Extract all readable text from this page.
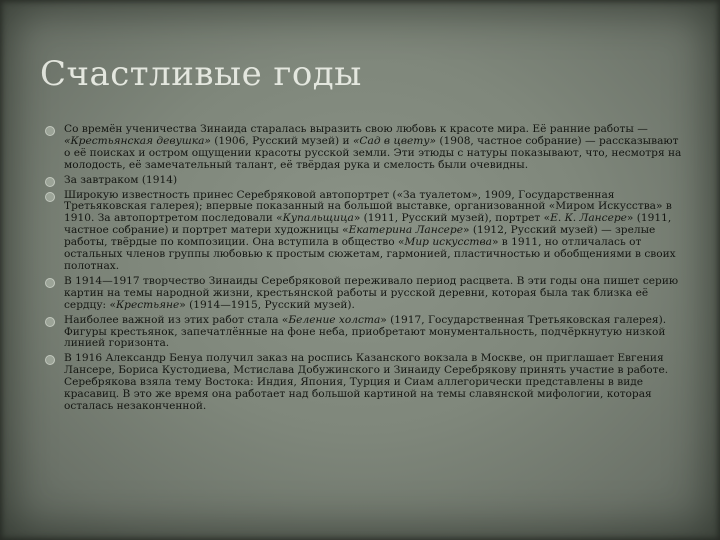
Счастливые годы
Со времён ученичества Зинаида старалась выразить свою любовь к красоте мира. Её ранние работы — «Крестьянская девушка» (1906, Русский музей) и «Сад в цвету» (1908, частное собрание) — рассказывают о её поисках и остром ощущении красоты русской земли. Эти этюды с натуры показывают, что, несмотря на молодость, её замечательный талант, её твёрдая рука и смелость были очевидны.
За завтраком (1914)
Широкую известность принес Серебряковой автопортрет («За туалетом», 1909, Государственная Третьяковская галерея); впервые показанный на большой выставке, организованной «Миром Искусства» в 1910. За автопортретом последовали «Купальщица» (1911, Русский музей), портрет «Е. К. Лансере» (1911, частное собрание) и портрет матери художницы «Екатерина Лансере» (1912, Русский музей) — зрелые работы, твёрдые по композиции. Она вступила в общество «Мир искусства» в 1911, но отличалась от остальных членов группы любовью к простым сюжетам, гармонией, пластичностью и обобщениями в своих полотнах.
В 1914—1917 творчество Зинаиды Серебряковой переживало период расцвета. В эти годы она пишет серию картин на темы народной жизни, крестьянской работы и русской деревни, которая была так близка её сердцу: «Крестьяне» (1914—1915, Русский музей).
Наиболее важной из этих работ стала «Беление холста» (1917, Государственная Третьяковская галерея). Фигуры крестьянок, запечатлённые на фоне неба, приобретают монументальность, подчёркнутую низкой линией горизонта.
В 1916 Александр Бенуа получил заказ на роспись Казанского вокзала в Москве, он приглашает Евгения Лансере, Бориса Кустодиева, Мстислава Добужинского и Зинаиду Серебрякову принять участие в работе. Серебрякова взяла тему Востока: Индия, Япония, Турция и Сиам аллегорически представлены в виде красавиц. В это же время она работает над большой картиной на темы славянской мифологии, которая осталась незаконченной.
